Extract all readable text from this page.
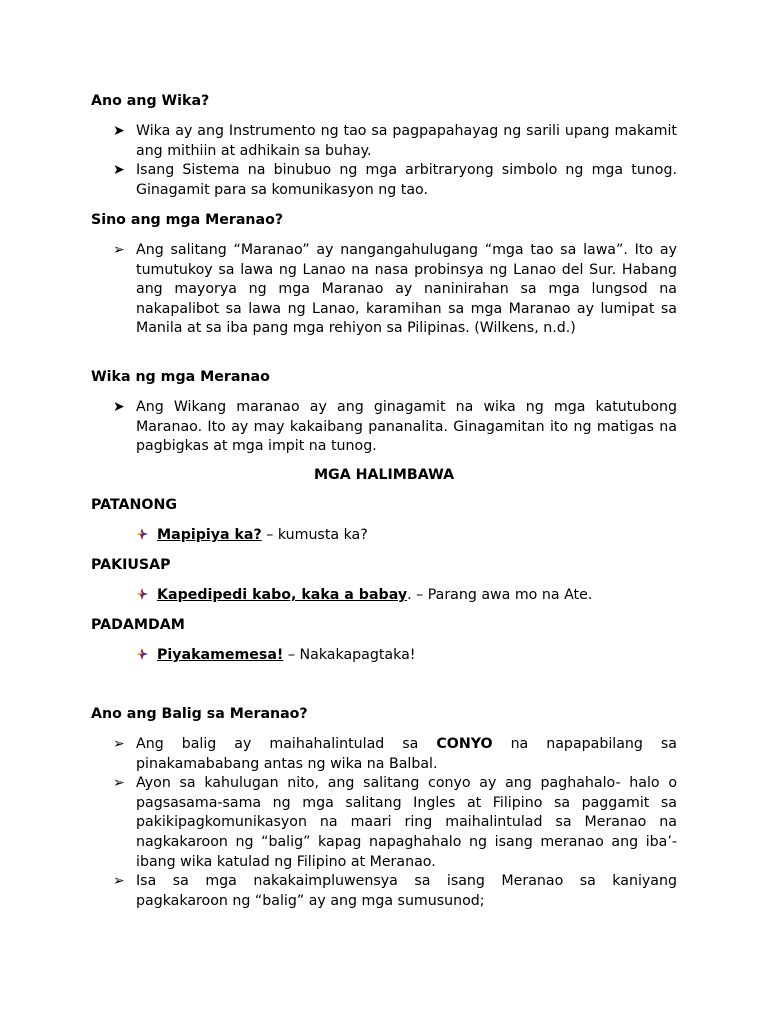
Ano ang Wika?
➤ Wika ay ang Instrumento ng tao sa pagpapahayag ng sarili upang makamit ang mithiin at adhikain sa buhay.
➤ Isang Sistema na binubuo ng mga arbitraryong simbolo ng mga tunog. Ginagamit para sa komunikasyon ng tao.
Sino ang mga Meranao?
➢ Ang salitang “Maranao” ay nangangahulugang “mga tao sa lawa”. Ito ay tumutukoy sa lawa ng Lanao na nasa probinsya ng Lanao del Sur. Habang ang mayorya ng mga Maranao ay naninirahan sa mga lungsod na nakapalibot sa lawa ng Lanao, karamihan sa mga Maranao ay lumipat sa Manila at sa iba pang mga rehiyon sa Pilipinas. (Wilkens, n.d.)
Wika ng mga Meranao
➤ Ang Wikang maranao ay ang ginagamit na wika ng mga katutubong Maranao. Ito ay may kakaibang pananalita. Ginagamitan ito ng matigas na pagbigkas at mga impit na tunog.
MGA HALIMBAWA
PATANONG
Mapipiya ka? – kumusta ka?
PAKIUSAP
Kapedipedi kabo, kaka a babay. – Parang awa mo na Ate.
PADAMDAM
Piyakamemesa! – Nakakapagtaka!
Ano ang Balig sa Meranao?
➢ Ang balig ay maihahalintulad sa CONYO na napapabilang sa pinakamababang antas ng wika na Balbal.
➢ Ayon sa kahulugan nito, ang salitang conyo ay ang paghahalo- halo o pagsasama-sama ng mga salitang Ingles at Filipino sa paggamit sa pakikipagkomunikasyon na maari ring maihalintulad sa Meranao na nagkakaroon ng “balig” kapag napaghahalo ng isang meranao ang iba’-ibang wika katulad ng Filipino at Meranao.
➢ Isa sa mga nakakaimpluwensya sa isang Meranao sa kaniyang pagkakaroon ng “balig” ay ang mga sumusunod;
